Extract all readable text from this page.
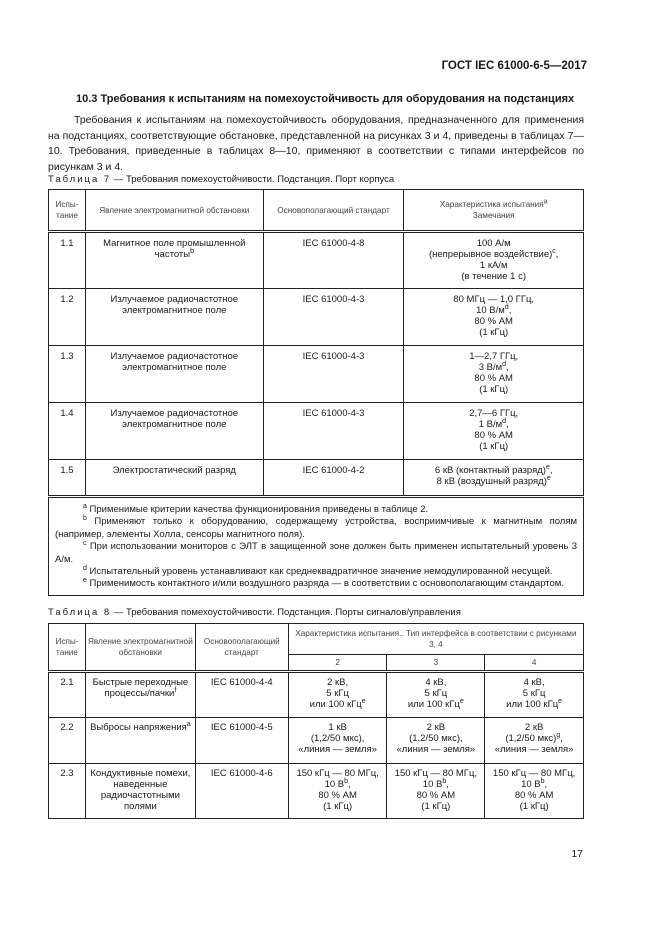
ГОСТ IEC 61000-6-5—2017
10.3 Требования к испытаниям на помехоустойчивость для оборудования на подстанциях
Требования к испытаниям на помехоустойчивость оборудования, предназначенного для применения на подстанциях, соответствующие обстановке, представленной на рисунках 3 и 4, приведены в таблицах 7—10. Требования, приведенные в таблицах 8—10, применяют в соответствии с типами интерфейсов по рисункам 3 и 4.
Таблица 7 — Требования помехоустойчивости. Подстанция. Порт корпуса
Испы-тание	Явление электромагнитной обстановки	Основополагающий стандарт	Характеристика испытания$^a$
Замечания
1.1	Магнитное поле промышленной частоты$^b$	IEC 61000-4-8	100 А/м
(непрерывное воздействие)$^c$,
1 кА/м
(в течение 1 с)
1.2	Излучаемое радиочастотное электромагнитное поле	IEC 61000-4-3	80 МГц — 1,0 ГГц,
10 $В/м^d$,
80 % АМ
(1 кГц)
1.3	Излучаемое радиочастотное электромагнитное поле	IEC 61000-4-3	1—2,7 ГГц,
3 $В/м^d$,
80 % АМ
(1 кГц)
1.4	Излучаемое радиочастотное электромагнитное поле	IEC 61000-4-3	2,7—6 ГГц,
1 $В/м^d$,
80 % АМ
(1 кГц)
1.5	Электростатический разряд	IEC 61000-4-2	6 кВ (контактный разряд)$^e$,
8 кВ (воздушный разряд)$^e$

$^a$ Применимые критерии качества функционирования приведены в таблице 2.
$^b$ Применяют только к оборудованию, содержащему устройства, восприимчивые к магнитным полям (например, элементы Холла, сенсоры магнитного поля).
$^c$ При использовании мониторов с ЭЛТ в защищенной зоне должен быть применен испытательный уровень 3 А/м.
$^d$ Испытательный уровень устанавливают как среднеквадратичное значение немодулированной несущей.
$^e$ Применимость контактного и/или воздушного разряда — в соответствии с основополагающим стандартом.			
Таблица 8 — Требования помехоустойчивости. Подстанция. Порты сигналов/управления
Испы-тание	Явление электромагнитной обстановки	Основополагающий стандарт	Характеристика испытания.. Тип интерфейса в соответствии с рисунками 3, 4		
			2	3	4
2.1	Быстрые переходные процессы/пачки$^f$	IEC 61000-4-4	2 кВ,
5 кГц
или 100 кГц$^e$	4 кВ,
5 кГц
или 100 кГц$^e$	4 кВ,
5 кГц
или 100 кГц$^e$
2.2	Выбросы напряжения$^a$	IEC 61000-4-5	1 кВ
(1,2/50 мкс),
«линия — земля»	2 кВ
(1,2/50 мкс),
«линия — земля»	2 кВ
(1,2/50 мкс)$^g$,
«линия — земля»
2.3	Кондуктивные помехи, наведенные радиочастотными полями	IEC 61000-4-6	150 кГц — 80 МГц,
10 $В^b$,
80 % АМ
(1 кГц)	150 кГц — 80 МГц,
10 $В^b$,
80 % АМ
(1 кГц)	150 кГц — 80 МГц,
10 $В^b$,
80 % АМ
(1 кГц)
17
